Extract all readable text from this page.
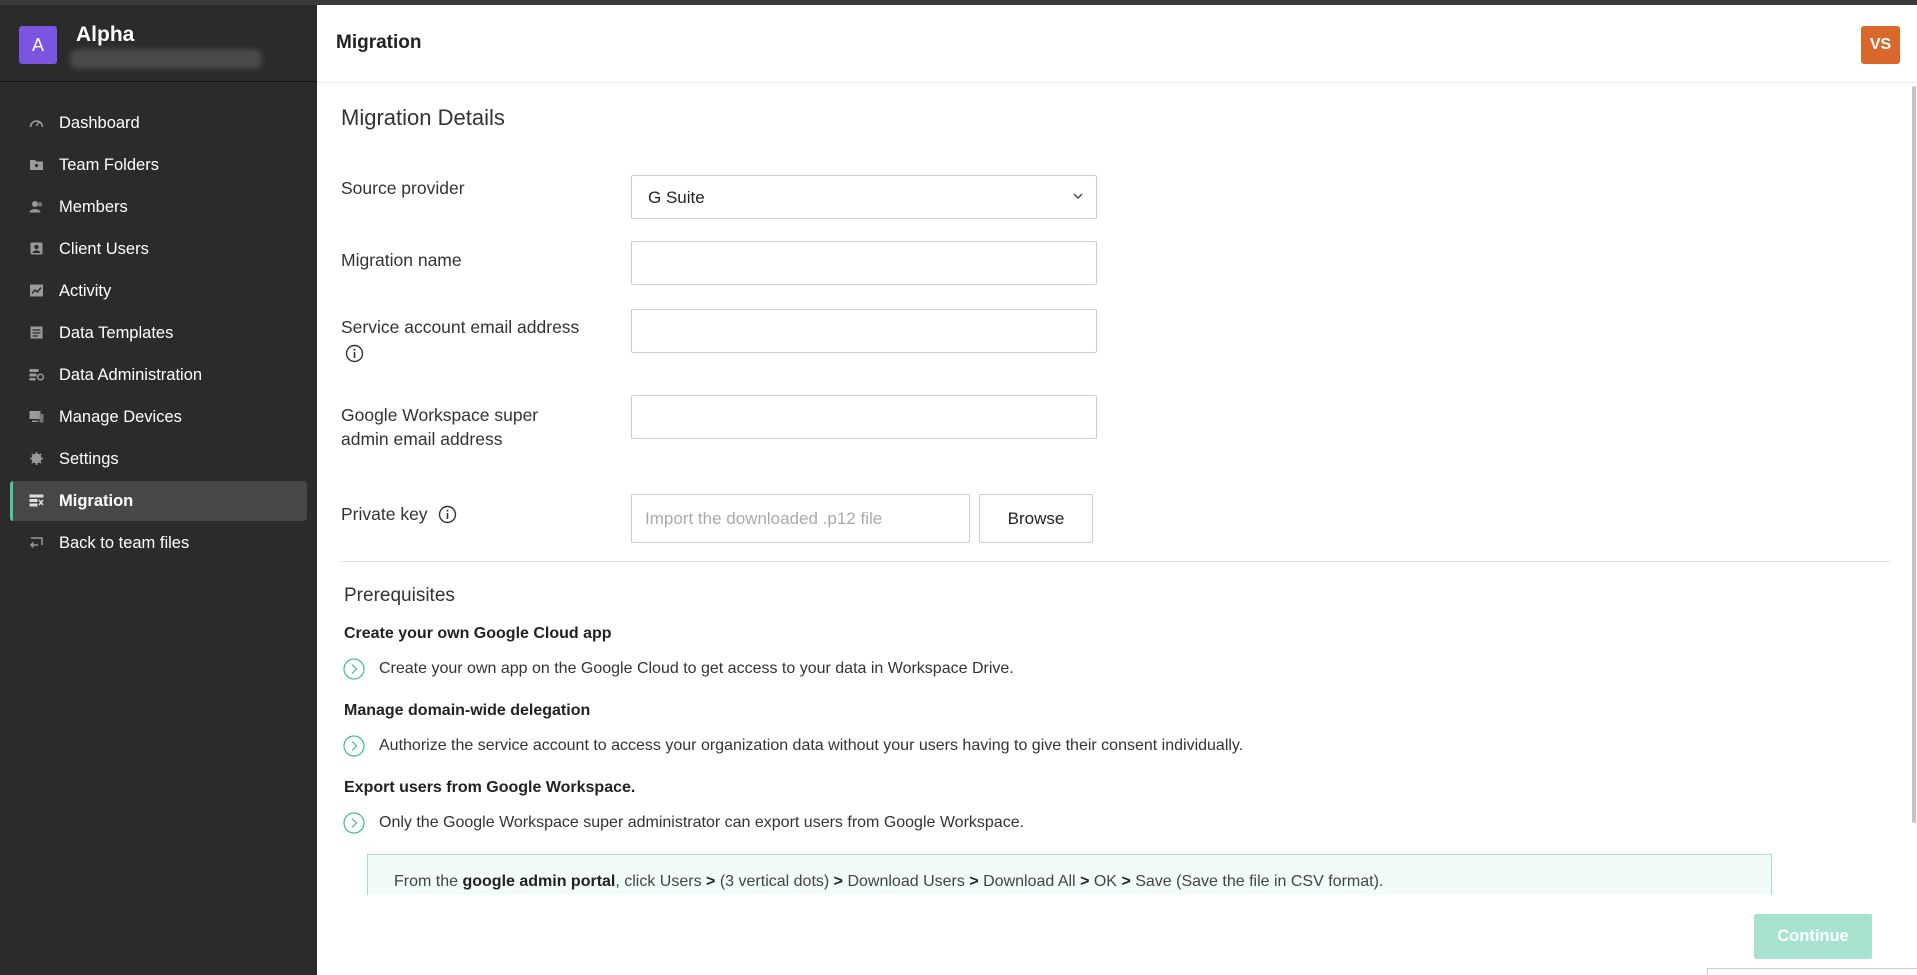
A	Alpha
Dashboard
Team Folders
Members
Client Users
Activity
Data Templates
Data Administration
Manage Devices
Settings
Migration
Back to team files
Migration	VS
Migration Details
Source provider	G Suite
Migration name
Service account email address

Google Workspace super
admin email address
Private key	Import the downloaded .p12 file	Browse
Prerequisites
Create your own Google Cloud app
Create your own app on the Google Cloud to get access to your data in Workspace Drive.
Manage domain-wide delegation
Authorize the service account to access your organization data without your users having to give their consent individually.
Export users from Google Workspace.
Only the Google Workspace super administrator can export users from Google Workspace.
From the google admin portal, click Users > (3 vertical dots) > Download Users > Download All > OK > Save (Save the file in CSV format).
Continue
